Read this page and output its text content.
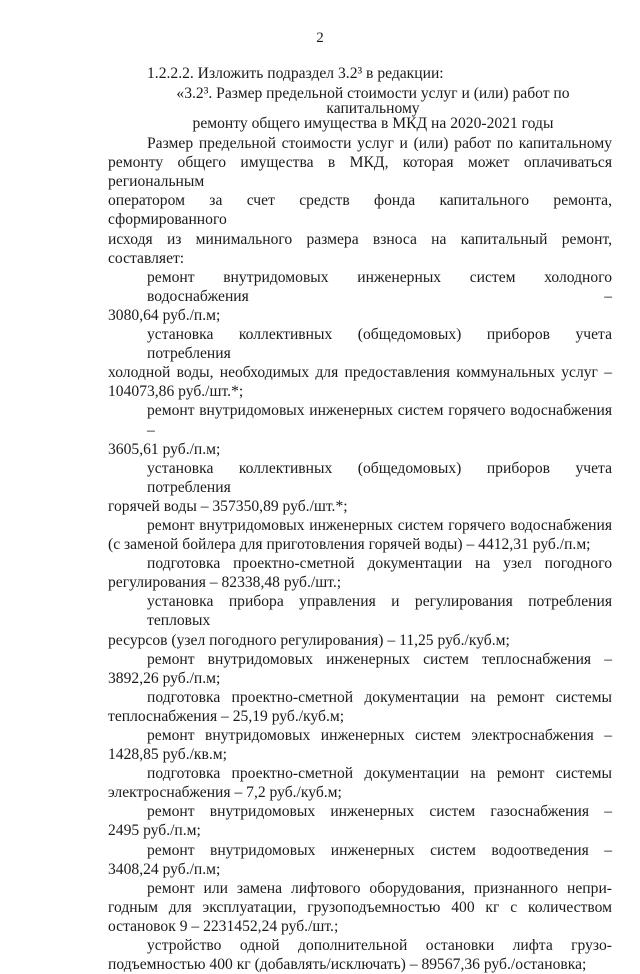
2

1.2.2.2. Изложить подраздел 3.2³ в редакции:

«3.2³. Размер предельной стоимости услуг и (или) работ по капитальному
ремонту общего имущества в МКД на 2020-2021 годы
Размер предельной стоимости услуг и (или) работ по капитальному
ремонту общего имущества в МКД, которая может оплачиваться региональным
оператором за счет средств фонда капитального ремонта, сформированного
исходя из минимального размера взноса на капитальный ремонт, составляет:
ремонт внутридомовых инженерных систем холодного водоснабжения –
3080,64 руб./п.м;
установка коллективных (общедомовых) приборов учета потребления
холодной воды, необходимых для предоставления коммунальных услуг –
104073,86 руб./шт.*;
ремонт внутридомовых инженерных систем горячего водоснабжения –
3605,61 руб./п.м;
установка коллективных (общедомовых) приборов учета потребления
горячей воды – 357350,89 руб./шт.*;
ремонт внутридомовых инженерных систем горячего водоснабжения
(с заменой бойлера для приготовления горячей воды) – 4412,31 руб./п.м;
подготовка проектно-сметной документации на узел погодного
регулирования – 82338,48 руб./шт.;
установка прибора управления и регулирования потребления тепловых
ресурсов (узел погодного регулирования) – 11,25 руб./куб.м;
ремонт внутридомовых инженерных систем теплоснабжения –
3892,26 руб./п.м;
подготовка проектно-сметной документации на ремонт системы
теплоснабжения – 25,19 руб./куб.м;
ремонт внутридомовых инженерных систем электроснабжения –
1428,85 руб./кв.м;
подготовка проектно-сметной документации на ремонт системы
электроснабжения – 7,2 руб./куб.м;
ремонт внутридомовых инженерных систем газоснабжения –
2495 руб./п.м;
ремонт внутридомовых инженерных систем водоотведения –
3408,24 руб./п.м;
ремонт или замена лифтового оборудования, признанного непри-
годным для эксплуатации, грузоподъемностью 400 кг с количеством
остановок 9 – 2231452,24 руб./шт.;
устройство одной дополнительной остановки лифта грузо-
подъемностью 400 кг (добавлять/исключать) – 89567,36 руб./остановка;
